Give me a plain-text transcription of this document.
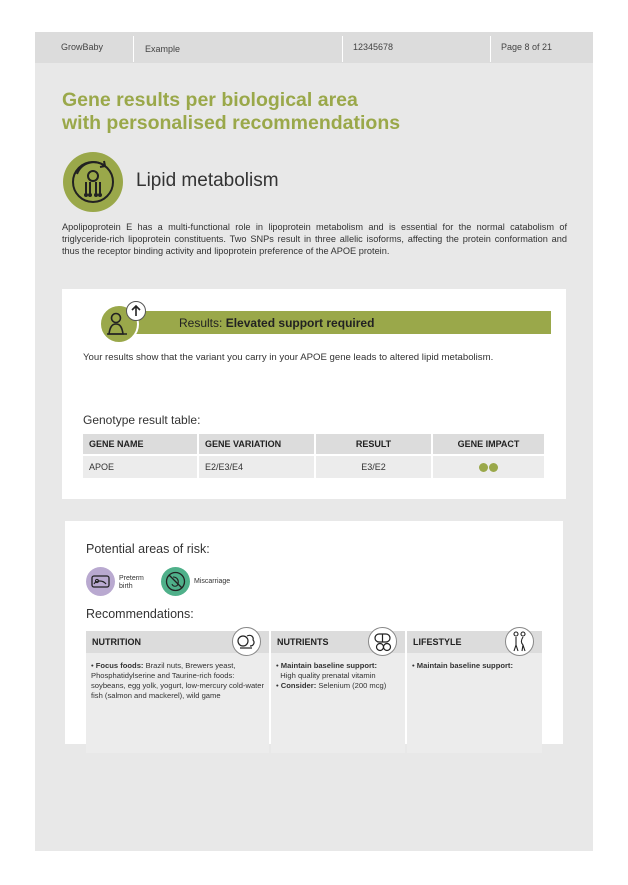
GrowBaby	Example	12345678	Page 8 of 21
Gene results per biological area
with personalised recommendations
Lipid metabolism
Apolipoprotein E has a multi-functional role in lipoprotein metabolism and is essential for the normal catabolism of triglyceride-rich lipoprotein constituents. Two SNPs result in three allelic isoforms, affecting the protein conformation and thus the receptor binding activity and lipoprotein preference of the APOE protein.
Results: Elevated support required
Your results show that the variant you carry in your APOE gene leads to altered lipid metabolism.
Genotype result table:
GENE NAME	GENE VARIATION	RESULT	GENE IMPACT
APOE	E2/E3/E4	E3/E2	
Potential areas of risk:
Preterm
birth
Miscarriage
Recommendations:
NUTRITION
• Focus foods: Brazil nuts, Brewers yeast, Phosphatidylserine and Taurine-rich foods: soybeans, egg yolk, yogurt, low-mercury cold-water fish (salmon and mackerel), wild game
NUTRIENTS
• Maintain baseline support:
High quality prenatal vitamin
• Consider: Selenium (200 mcg)
LIFESTYLE
• Maintain baseline support:
